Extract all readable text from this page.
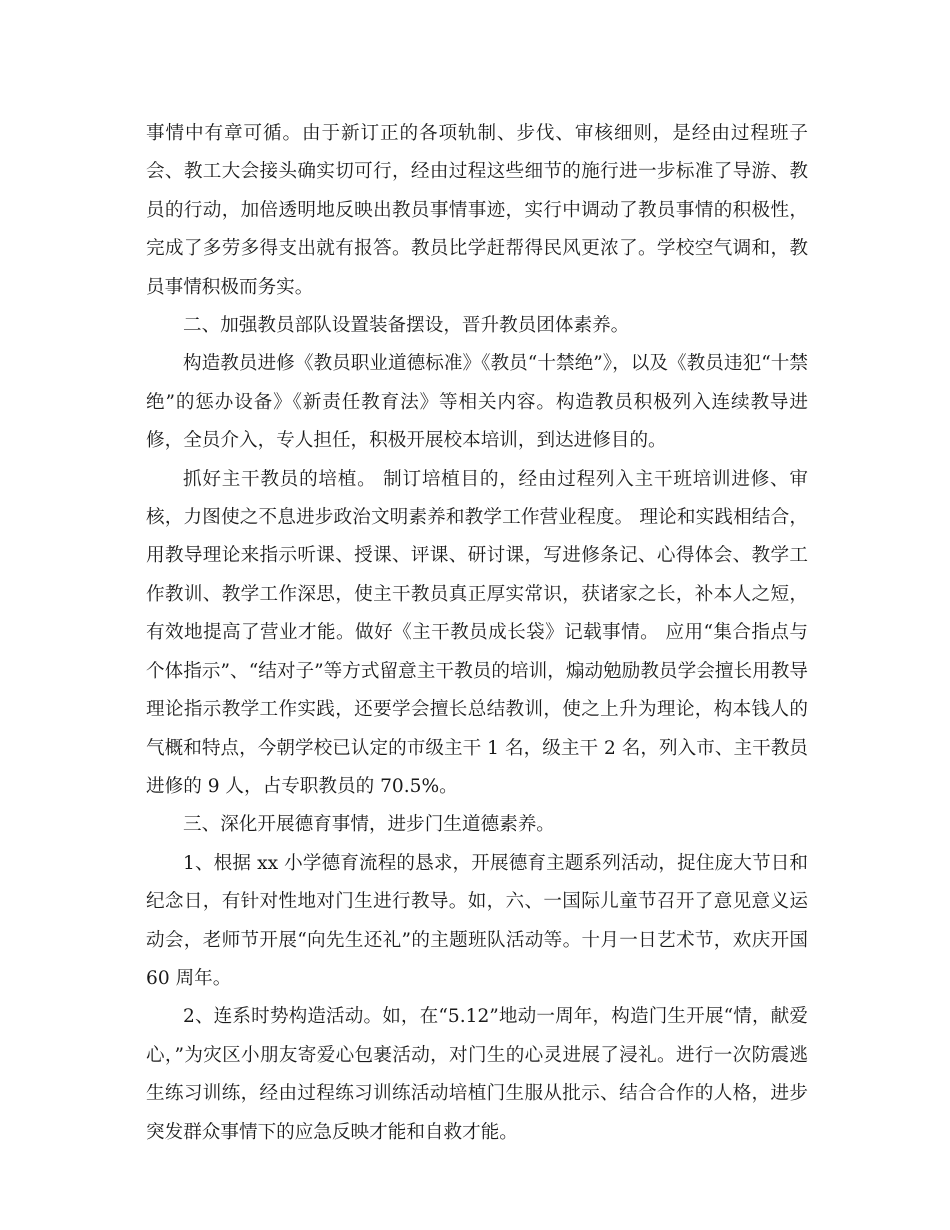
事情中有章可循。由于新订正的各项轨制、步伐、审核细则，是经由过程班子会、教工大会接头确实切可行，经由过程这些细节的施行进一步标准了导游、教员的行动，加倍透明地反映出教员事情事迹，实行中调动了教员事情的积极性，完成了多劳多得支出就有报答。教员比学赶帮得民风更浓了。学校空气调和，教员事情积极而务实。

二、加强教员部队设置装备摆设，晋升教员团体素养。

构造教员进修《教员职业道德标准》《教员“十禁绝”》，以及《教员违犯“十禁绝”的惩办设备》《新责任教育法》等相关内容。构造教员积极列入连续教导进修，全员介入，专人担任，积极开展校本培训，到达进修目的。

抓好主干教员的培植。 制订培植目的，经由过程列入主干班培训进修、审核，力图使之不息进步政治文明素养和教学工作营业程度。 理论和实践相结合，用教导理论来指示听课、授课、评课、研讨课，写进修条记、心得体会、教学工作教训、教学工作深思，使主干教员真正厚实常识，获诸家之长，补本人之短，有效地提高了营业才能。做好《主干教员成长袋》记载事情。 应用“集合指点与个体指示”、“结对子”等方式留意主干教员的培训，煽动勉励教员学会擅长用教导理论指示教学工作实践，还要学会擅长总结教训，使之上升为理论，构本钱人的气概和特点，今朝学校已认定的市级主干 1 名，级主干 2 名，列入市、主干教员进修的 9 人，占专职教员的 70.5%。

三、深化开展德育事情，进步门生道德素养。

1、根据 xx 小学德育流程的恳求，开展德育主题系列活动，捉住庞大节日和纪念日，有针对性地对门生进行教导。如，六、一国际儿童节召开了意见意义运动会，老师节开展“向先生还礼”的主题班队活动等。十月一日艺术节，欢庆开国 60 周年。

2、连系时势构造活动。如，在“5.12”地动一周年，构造门生开展“情，献爱心，”为灾区小朋友寄爱心包裹活动，对门生的心灵进展了浸礼。进行一次防震逃生练习训练，经由过程练习训练活动培植门生服从批示、结合合作的人格，进步突发群众事情下的应急反映才能和自救才能。
